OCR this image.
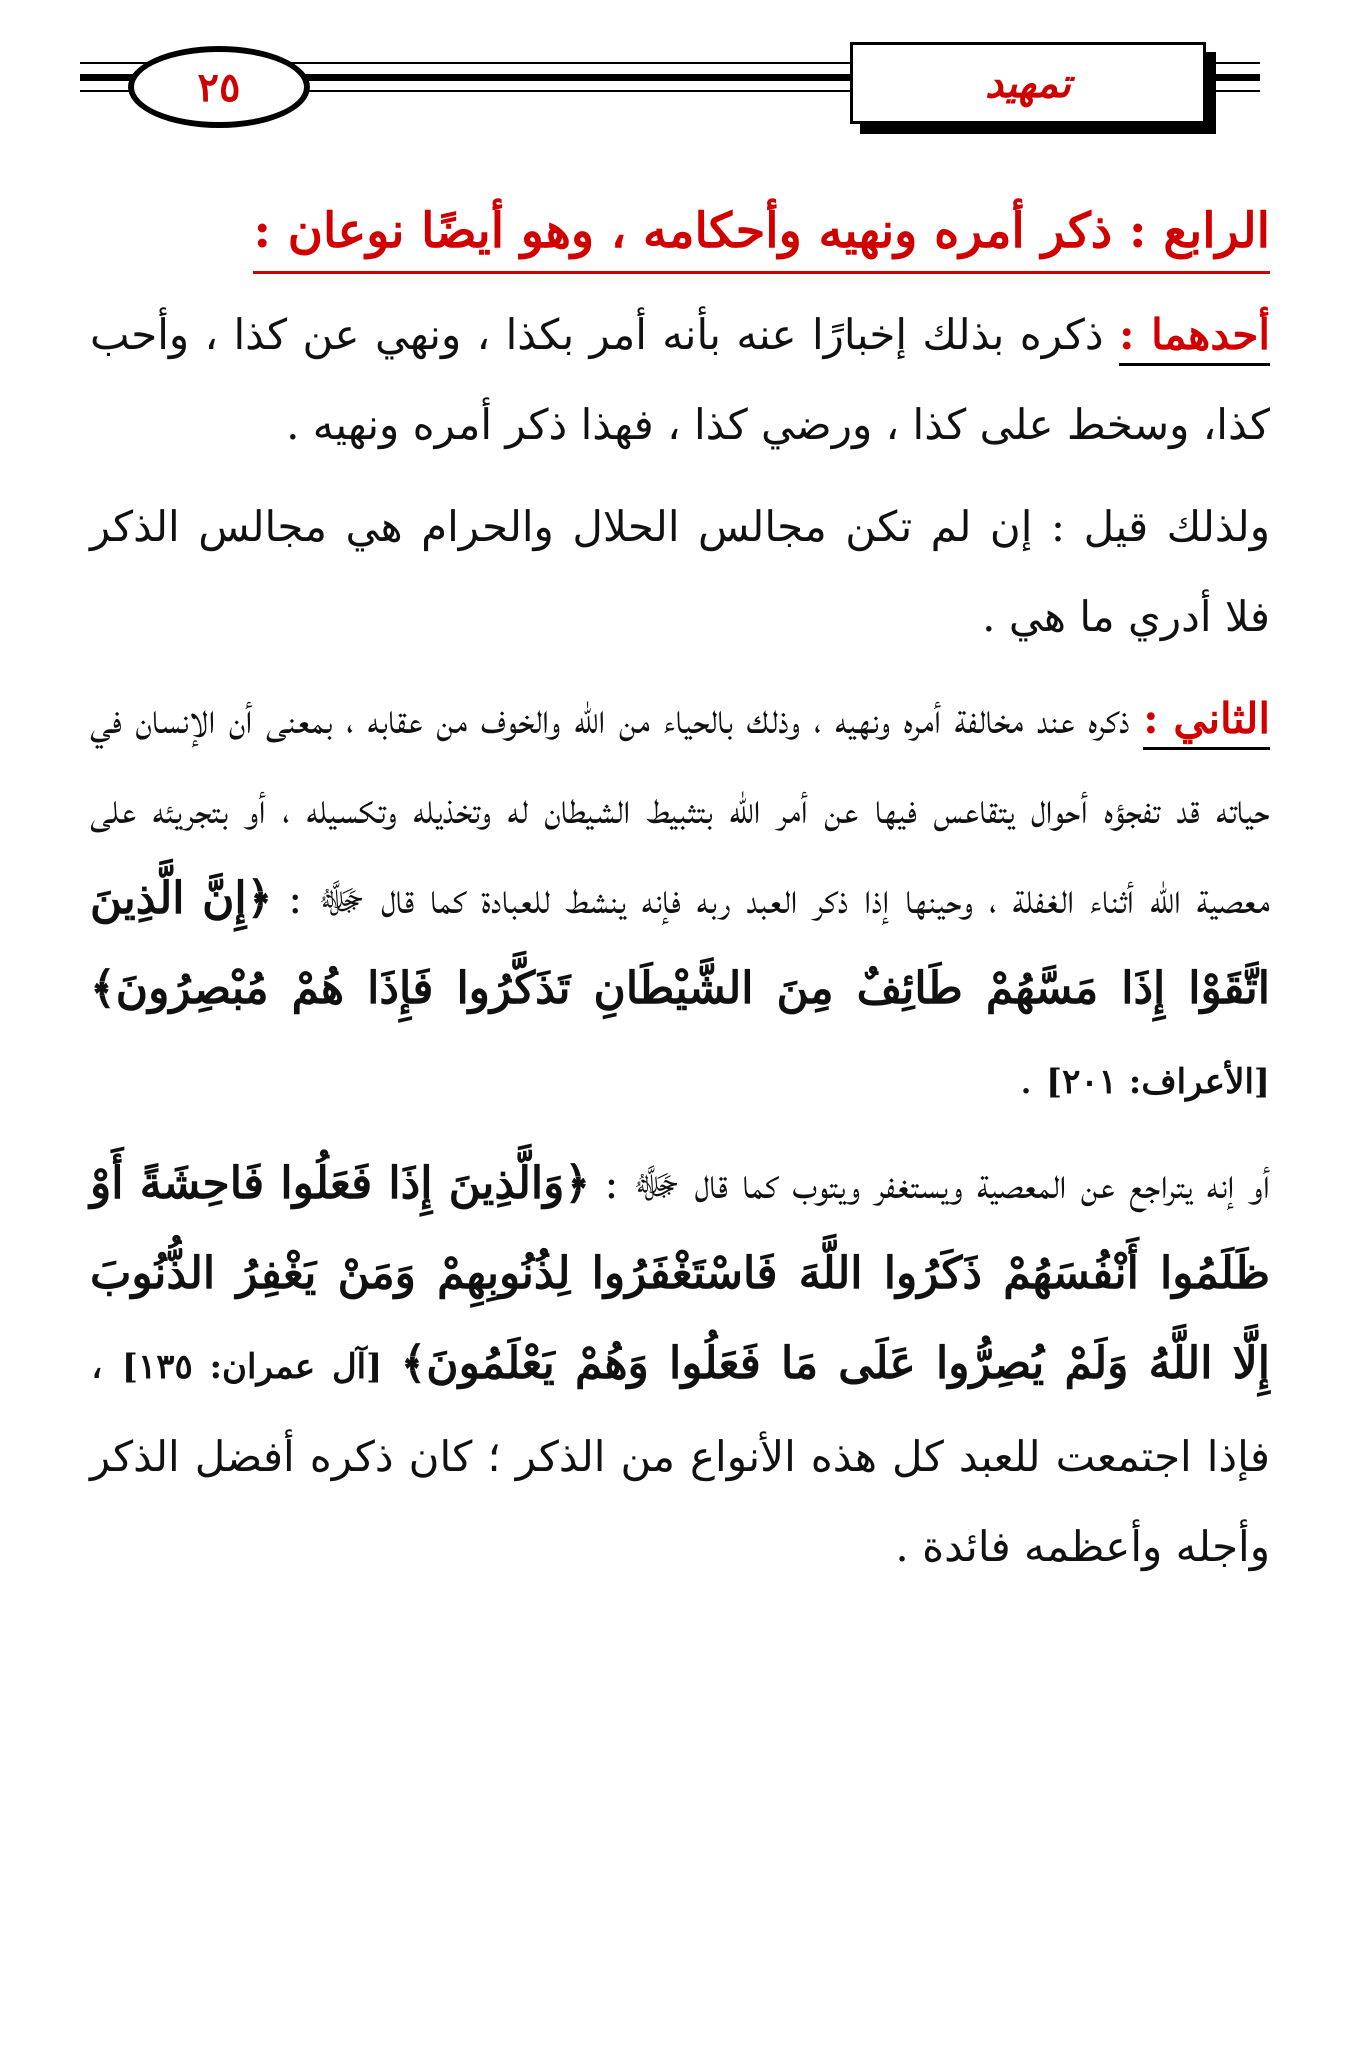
٢٥	تمهيد
الرابع : ذكر أمره ونهيه وأحكامه ، وهو أيضًا نوعان :

أحدهما : ذكره بذلك إخبارًا عنه بأنه أمر بكذا ، ونهي عن كذا ، وأحب كذا، وسخط على كذا ، ورضي كذا ، فهذا ذكر أمره ونهيه .

ولذلك قيل : إن لم تكن مجالس الحلال والحرام هي مجالس الذكر فلا أدري ما هي .

الثاني : ذكره عند مخالفة أمره ونهيه ، وذلك بالحياء من الله والخوف من عقابه ، بمعنى أن الإنسان في حياته قد تفجؤه أحوال يتقاعس فيها عن أمر الله بتثبيط الشيطان له وتخذيله وتكسيله ، أو بتجريئه على معصية الله أثناء الغفلة ، وحينها إذا ذكر العبد ربه فإنه ينشط للعبادة كما قال ﷻ : ﴿إِنَّ الَّذِينَ اتَّقَوْا إِذَا مَسَّهُمْ طَائِفٌ مِنَ الشَّيْطَانِ تَذَكَّرُوا فَإِذَا هُمْ مُبْصِرُونَ﴾[الأعراف: ٢٠١] .

أو إنه يتراجع عن المعصية ويستغفر ويتوب كما قال ﷻ : ﴿وَالَّذِينَ إِذَا فَعَلُوا فَاحِشَةً أَوْ ظَلَمُوا أَنْفُسَهُمْ ذَكَرُوا اللَّهَ فَاسْتَغْفَرُوا لِذُنُوبِهِمْ وَمَنْ يَغْفِرُ الذُّنُوبَ إِلَّا اللَّهُ وَلَمْ يُصِرُّوا عَلَى مَا فَعَلُوا وَهُمْ يَعْلَمُونَ﴾ [آل عمران: ١٣٥] ، فإذا اجتمعت للعبد كل هذه الأنواع من الذكر ؛ كان ذكره أفضل الذكر وأجله وأعظمه فائدة .
